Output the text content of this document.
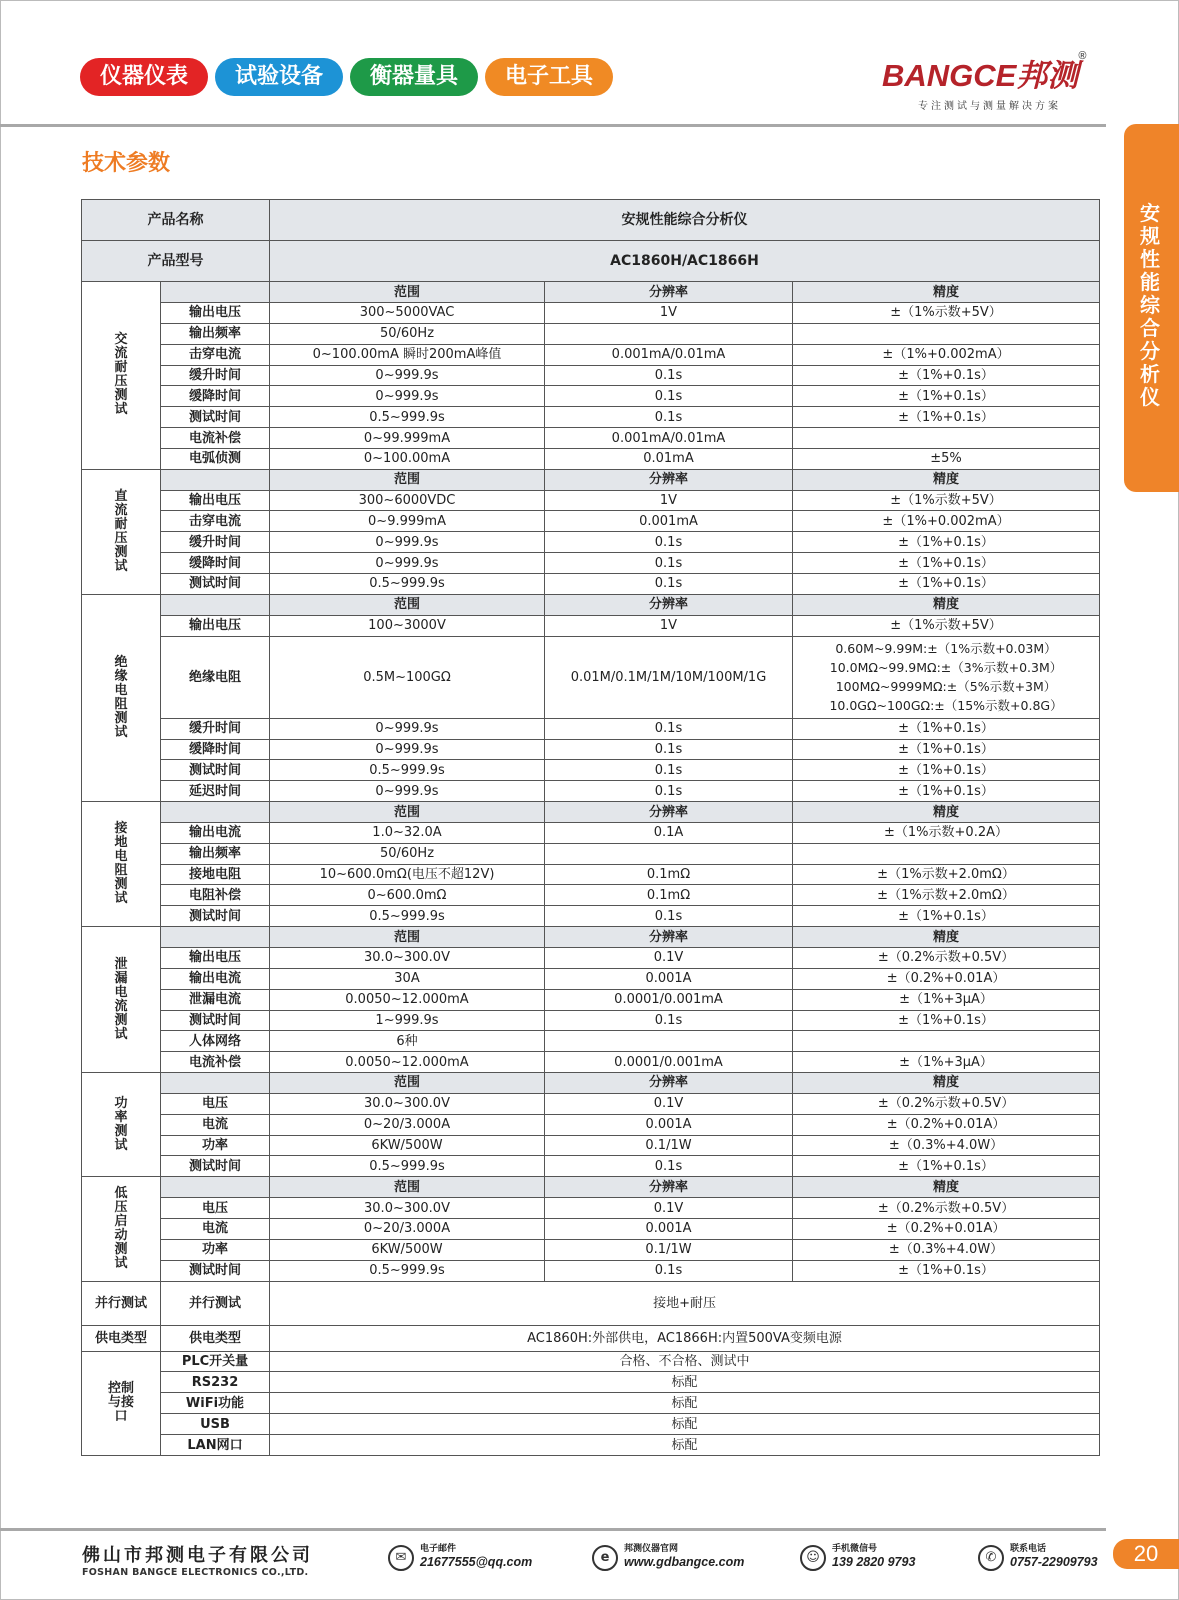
仪器仪表	试验设备	衡器量具	电子工具	BANGCE邦测®
专注测试与测量解决方案
技术参数
安规性能综合分析仪
产品名称		安规性能综合分析仪		
产品型号		AC1860H/AC1866H		
交流耐压测试		范围	分辨率	精度
	输出电压	300~5000VAC	1V	±（1%示数+5V）
	输出频率	50/60Hz		
	击穿电流	0~100.00mA 瞬时200mA峰值	0.001mA/0.01mA	±（1%+0.002mA）
	缓升时间	0~999.9s	0.1s	±（1%+0.1s）
	缓降时间	0~999.9s	0.1s	±（1%+0.1s）
	测试时间	0.5~999.9s	0.1s	±（1%+0.1s）
	电流补偿	0~99.999mA	0.001mA/0.01mA	
	电弧侦测	0~100.00mA	0.01mA	±5%
直流耐压测试		范围	分辨率	精度
	输出电压	300~6000VDC	1V	±（1%示数+5V）
	击穿电流	0~9.999mA	0.001mA	±（1%+0.002mA）
	缓升时间	0~999.9s	0.1s	±（1%+0.1s）
	缓降时间	0~999.9s	0.1s	±（1%+0.1s）
	测试时间	0.5~999.9s	0.1s	±（1%+0.1s）
绝缘电阻测试		范围	分辨率	精度
	输出电压	100~3000V	1V	±（1%示数+5V）
	绝缘电阻	0.5M~100GΩ	0.01M/0.1M/1M/10M/100M/1G	0.60M~9.99M:±（1%示数+0.03M）
10.0MΩ~99.9MΩ:±（3%示数+0.3M）
100MΩ~9999MΩ:±（5%示数+3M）
10.0GΩ~100GΩ:±（15%示数+0.8G）
	缓升时间	0~999.9s	0.1s	±（1%+0.1s）
	缓降时间	0~999.9s	0.1s	±（1%+0.1s）
	测试时间	0.5~999.9s	0.1s	±（1%+0.1s）
	延迟时间	0~999.9s	0.1s	±（1%+0.1s）
接地电阻测试		范围	分辨率	精度
	输出电流	1.0~32.0A	0.1A	±（1%示数+0.2A）
	输出频率	50/60Hz		
	接地电阻	10~600.0mΩ(电压不超12V)	0.1mΩ	±（1%示数+2.0mΩ）
	电阻补偿	0~600.0mΩ	0.1mΩ	±（1%示数+2.0mΩ）
	测试时间	0.5~999.9s	0.1s	±（1%+0.1s）
泄漏电流测试		范围	分辨率	精度
	输出电压	30.0~300.0V	0.1V	±（0.2%示数+0.5V）
	输出电流	30A	0.001A	±（0.2%+0.01A）
	泄漏电流	0.0050~12.000mA	0.0001/0.001mA	±（1%+3μA）
	测试时间	1~999.9s	0.1s	±（1%+0.1s）
	人体网络	6种		
	电流补偿	0.0050~12.000mA	0.0001/0.001mA	±（1%+3μA）
功率测试		范围	分辨率	精度
	电压	30.0~300.0V	0.1V	±（0.2%示数+0.5V）
	电流	0~20/3.000A	0.001A	±（0.2%+0.01A）
	功率	6KW/500W	0.1/1W	±（0.3%+4.0W）
	测试时间	0.5~999.9s	0.1s	±（1%+0.1s）
低压启动测试		范围	分辨率	精度
	电压	30.0~300.0V	0.1V	±（0.2%示数+0.5V）
	电流	0~20/3.000A	0.001A	±（0.2%+0.01A）
	功率	6KW/500W	0.1/1W	±（0.3%+4.0W）
	测试时间	0.5~999.9s	0.1s	±（1%+0.1s）
并行测试	并行测试	接地+耐压		
供电类型	供电类型	AC1860H:外部供电，AC1866H:内置500VA变频电源		
控制与接口	PLC开关量	合格、不合格、测试中		
	RS232	标配		
	WiFi功能	标配		
	USB	标配		
	LAN网口	标配		
佛山市邦测电子有限公司
FOSHAN BANGCE ELECTRONICS CO.,LTD.
✉
电子邮件
21677555@qq.com	e
邦测仪器官网
www.gdbangce.com	☺
手机微信号
139 2820 9793	✆
联系电话
0757-22909793	20
